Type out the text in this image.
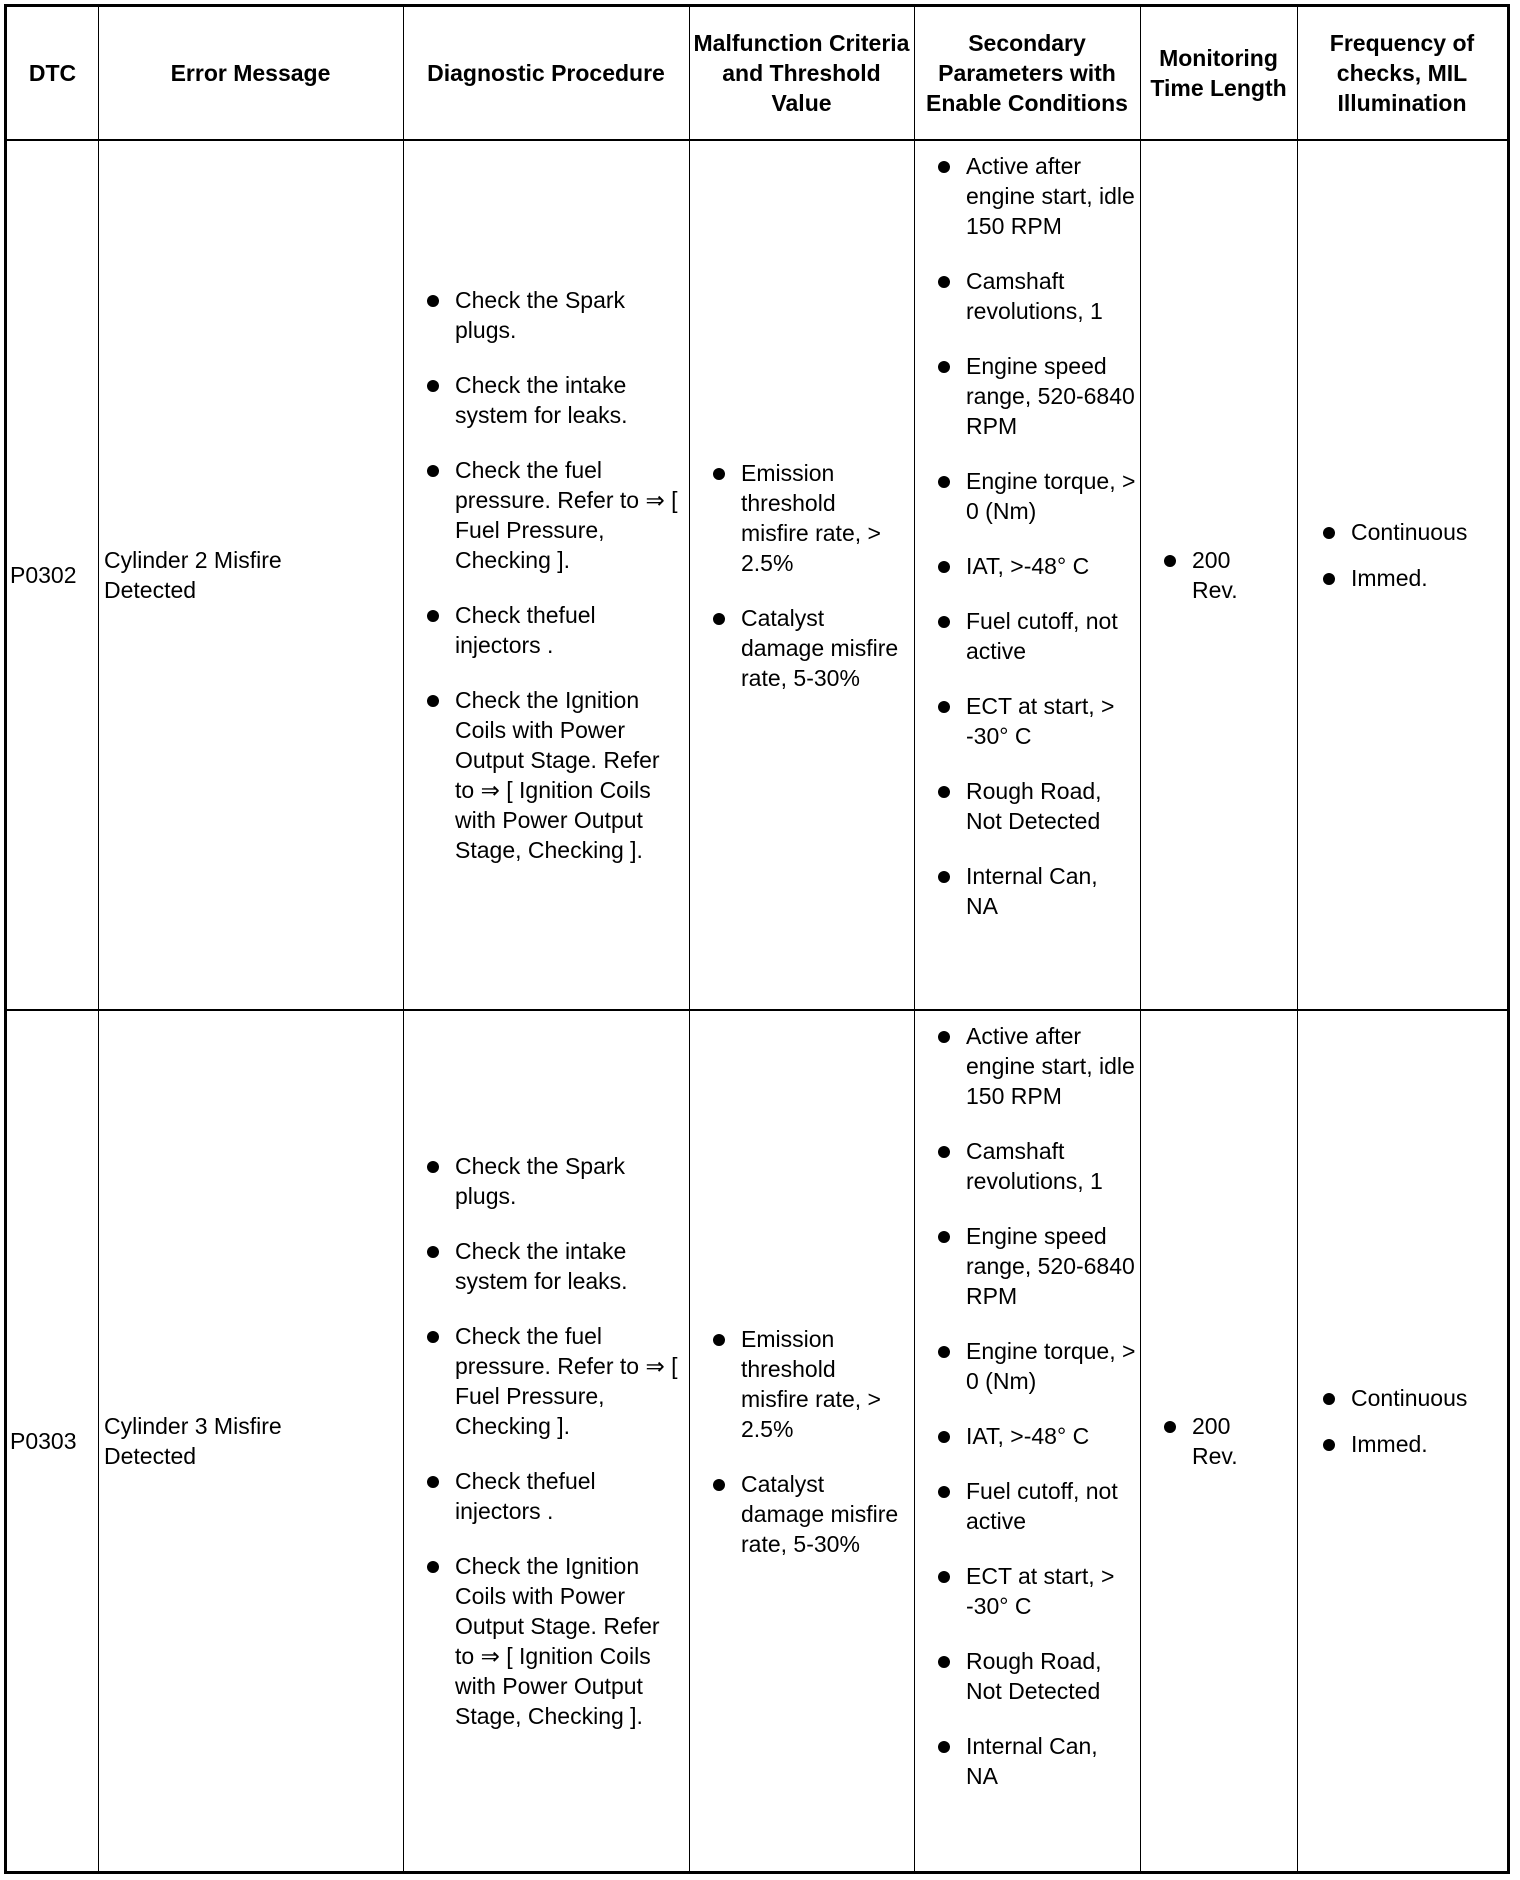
DTC	Error Message	Diagnostic Procedure
Malfunction Criteria and Threshold Value
Secondary Parameters with Enable Conditions
Monitoring Time Length
Frequency of checks, MIL Illumination
P0302
Cylinder 2 Misfire Detected
Check the Spark plugs.
Check the intake system for leaks.
Check the fuel pressure. Refer to ⇒ [ Fuel Pressure, Checking ].
Check thefuel injectors .
Check the Ignition Coils with Power Output Stage. Refer to ⇒ [ Ignition Coils with Power Output Stage, Checking ].
Emission threshold misfire rate, > 2.5%
Catalyst damage misfire rate, 5-30%
Active after engine start, idle 150 RPM
Camshaft revolutions, 1
Engine speed range, 520-6840 RPM
Engine torque, > 0 (Nm)
IAT, >-48° C
Fuel cutoff, not active
ECT at start, > -30° C
Rough Road, Not Detected
Internal Can, NA
200 Rev.
Continuous
Immed.
P0303
Cylinder 3 Misfire Detected
Check the Spark plugs.
Check the intake system for leaks.
Check the fuel pressure. Refer to ⇒ [ Fuel Pressure, Checking ].
Check thefuel injectors .
Check the Ignition Coils with Power Output Stage. Refer to ⇒ [ Ignition Coils with Power Output Stage, Checking ].
Emission threshold misfire rate, > 2.5%
Catalyst damage misfire rate, 5-30%
Active after engine start, idle 150 RPM
Camshaft revolutions, 1
Engine speed range, 520-6840 RPM
Engine torque, > 0 (Nm)
IAT, >-48° C
Fuel cutoff, not active
ECT at start, > -30° C
Rough Road, Not Detected
Internal Can, NA
200 Rev.
Continuous
Immed.
